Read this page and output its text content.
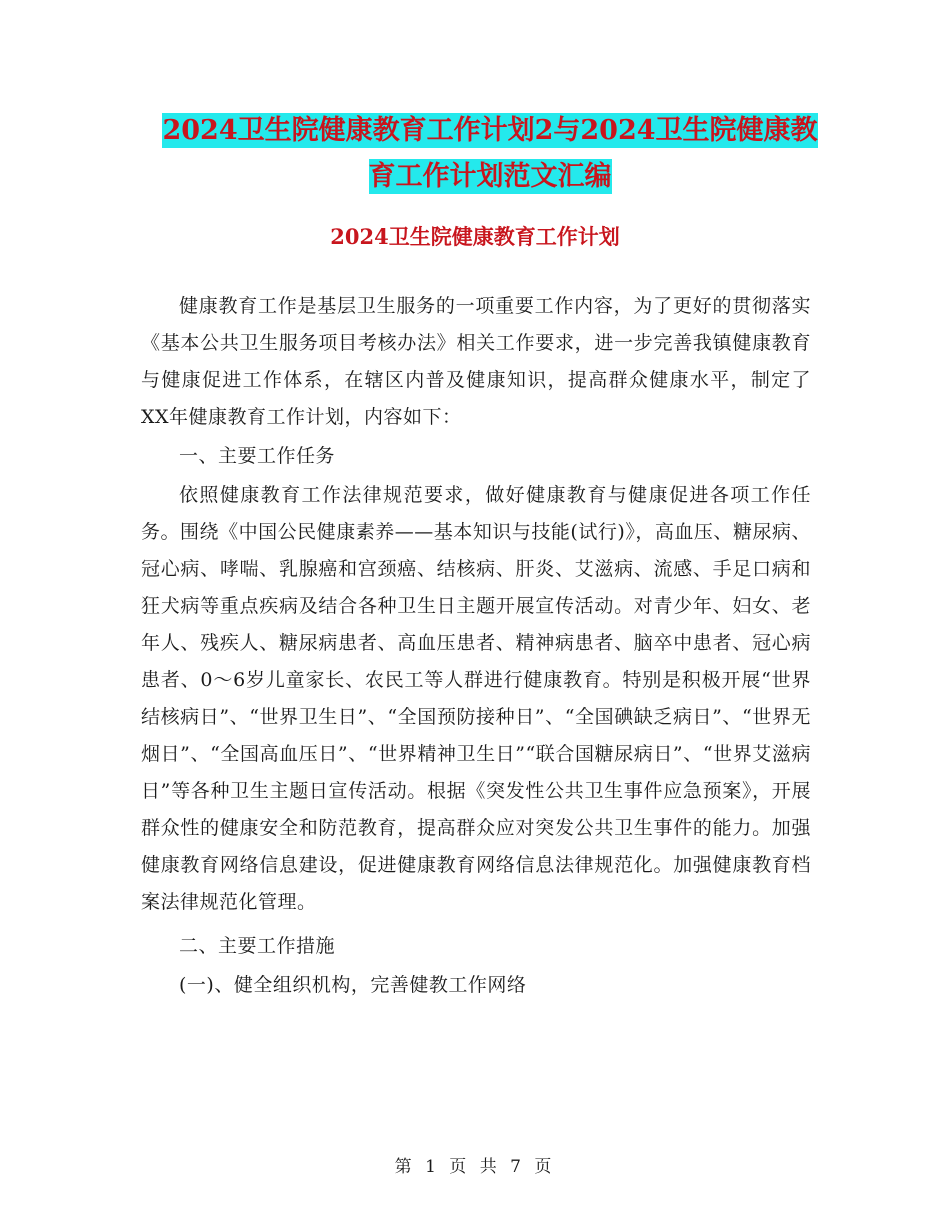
2024卫生院健康教育工作计划2与2024卫生院健康教
育工作计划范文汇编
2024卫生院健康教育工作计划

健康教育工作是基层卫生服务的一项重要工作内容，为了更好的贯彻落实《基本公共卫生服务项目考核办法》相关工作要求，进一步完善我镇健康教育与健康促进工作体系，在辖区内普及健康知识，提高群众健康水平，制定了XX年健康教育工作计划，内容如下：

一、主要工作任务

依照健康教育工作法律规范要求，做好健康教育与健康促进各项工作任务。围绕《中国公民健康素养——基本知识与技能(试行)》，高血压、糖尿病、冠心病、哮喘、乳腺癌和宫颈癌、结核病、肝炎、艾滋病、流感、手足口病和狂犬病等重点疾病及结合各种卫生日主题开展宣传活动。对青少年、妇女、老年人、残疾人、糖尿病患者、高血压患者、精神病患者、脑卒中患者、冠心病患者、0～6岁儿童家长、农民工等人群进行健康教育。特别是积极开展“世界结核病日”、“世界卫生日”、“全国预防接种日”、“全国碘缺乏病日”、“世界无烟日”、“全国高血压日”、“世界精神卫生日”“联合国糖尿病日”、“世界艾滋病日”等各种卫生主题日宣传活动。根据《突发性公共卫生事件应急预案》，开展群众性的健康安全和防范教育，提高群众应对突发公共卫生事件的能力。加强健康教育网络信息建设，促进健康教育网络信息法律规范化。加强健康教育档案法律规范化管理。

二、主要工作措施

(一)、健全组织机构，完善健教工作网络

第 1 页 共 7 页
